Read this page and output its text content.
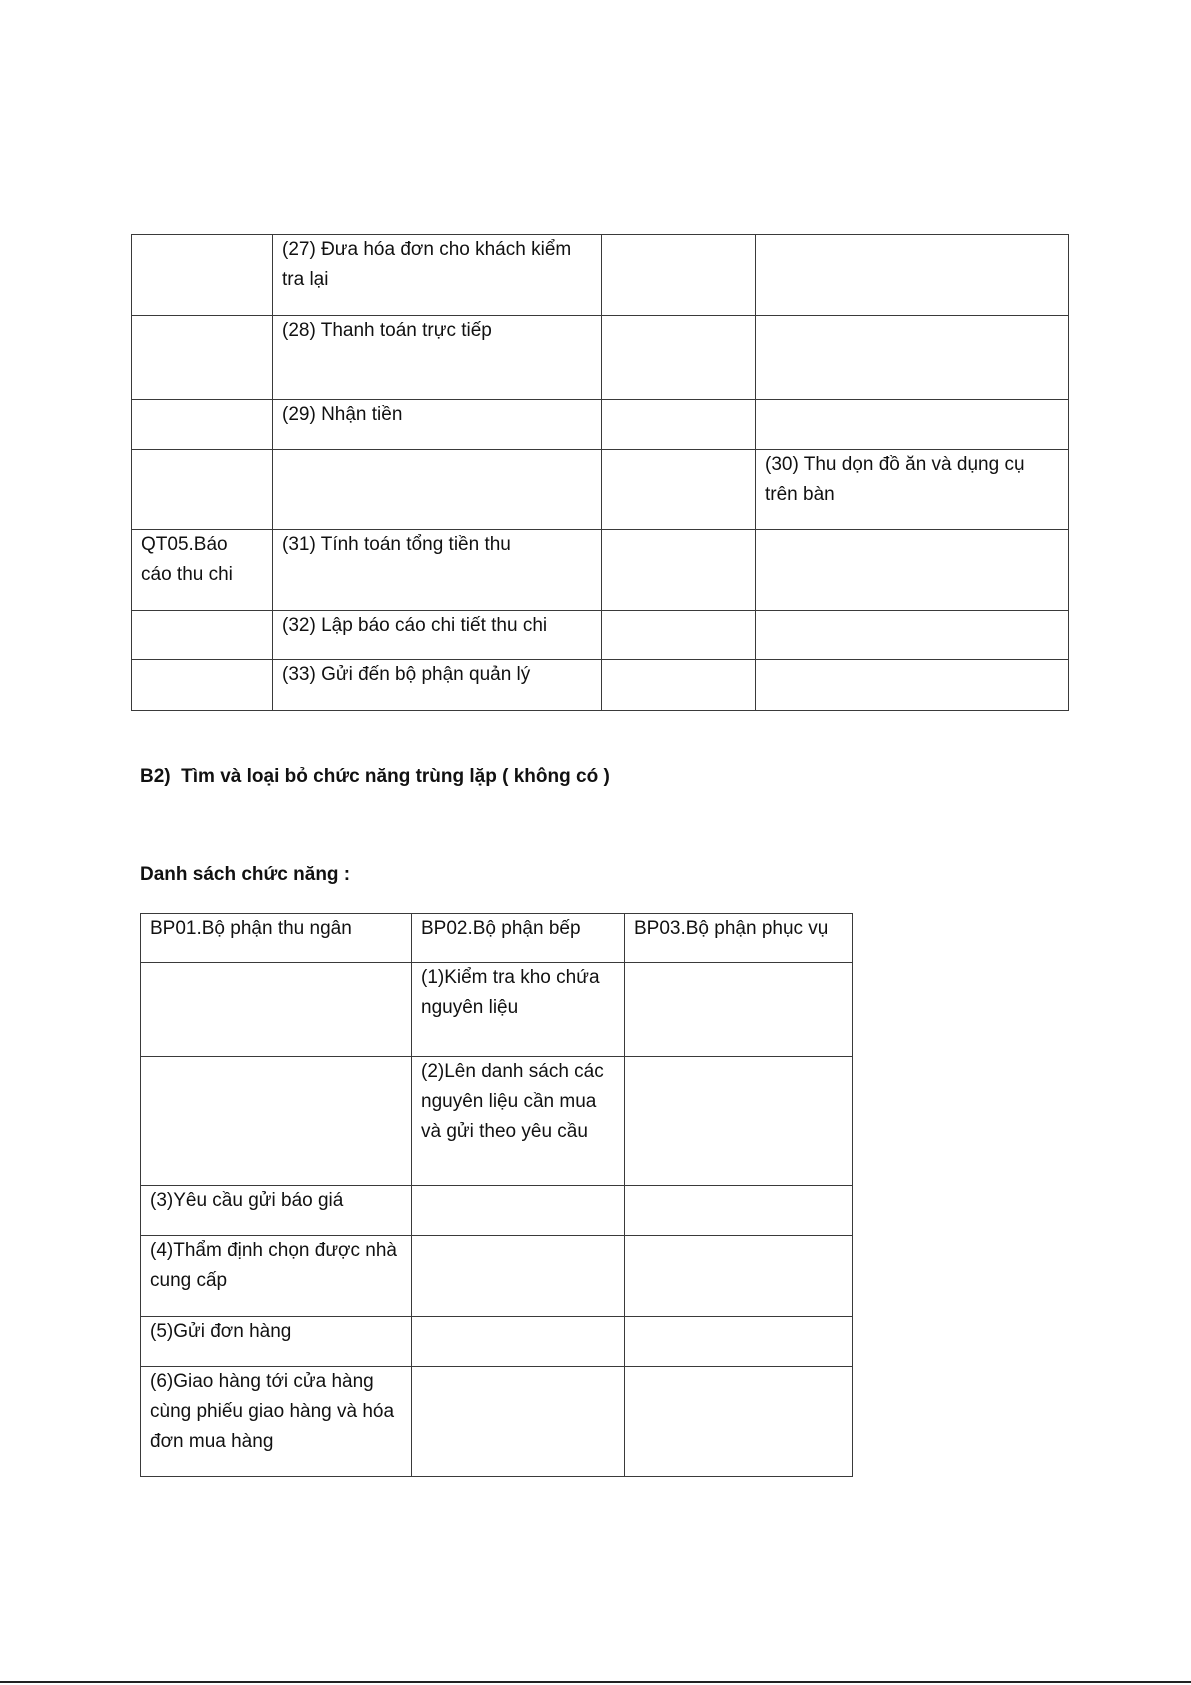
	(27) Đưa hóa đơn cho khách kiểm tra lại		
	(28) Thanh toán trực tiếp		
	(29) Nhận tiền		
			(30) Thu dọn đồ ăn và dụng cụ trên bàn
QT05.Báo cáo thu chi	(31) Tính toán tổng tiền thu		
	(32) Lập báo cáo chi tiết thu chi		
	(33) Gửi đến bộ phận quản lý		
B2)  Tìm và loại bỏ chức năng trùng lặp ( không có )
Danh sách chức năng :
BP01.Bộ phận thu ngân	BP02.Bộ phận bếp	BP03.Bộ phận phục vụ
	(1)Kiểm tra kho chứa nguyên liệu	
	(2)Lên danh sách các nguyên liệu cần mua và gửi theo yêu cầu	
(3)Yêu cầu gửi báo giá		
(4)Thẩm định chọn được nhà cung cấp		
(5)Gửi đơn hàng		
(6)Giao hàng tới cửa hàng cùng phiếu giao hàng và hóa đơn mua hàng		
